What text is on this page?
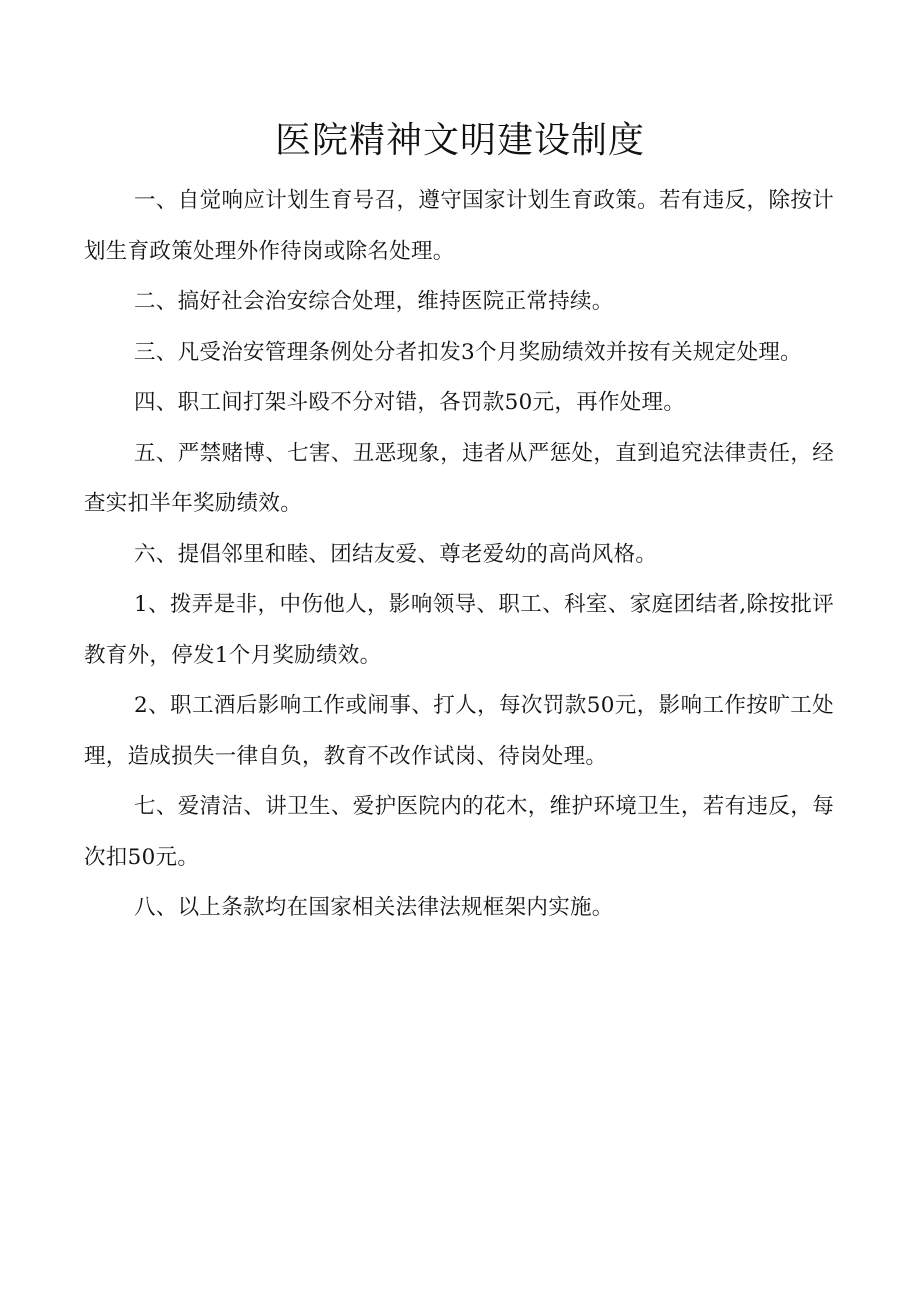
医院精神文明建设制度

一、自觉响应计划生育号召，遵守国家计划生育政策。若有违反，除按计划生育政策处理外作待岗或除名处理。

二、搞好社会治安综合处理，维持医院正常持续。

三、凡受治安管理条例处分者扣发3个月奖励绩效并按有关规定处理。

四、职工间打架斗殴不分对错，各罚款50元，再作处理。

五、严禁赌博、七害、丑恶现象，违者从严惩处，直到追究法律责任，经查实扣半年奖励绩效。

六、提倡邻里和睦、团结友爱、尊老爱幼的高尚风格。

1、拨弄是非，中伤他人，影响领导、职工、科室、家庭团结者,除按批评教育外，停发1个月奖励绩效。

2、职工酒后影响工作或闹事、打人，每次罚款50元，影响工作按旷工处理，造成损失一律自负，教育不改作试岗、待岗处理。

七、爱清洁、讲卫生、爱护医院内的花木，维护环境卫生，若有违反，每次扣50元。

八、以上条款均在国家相关法律法规框架内实施。
